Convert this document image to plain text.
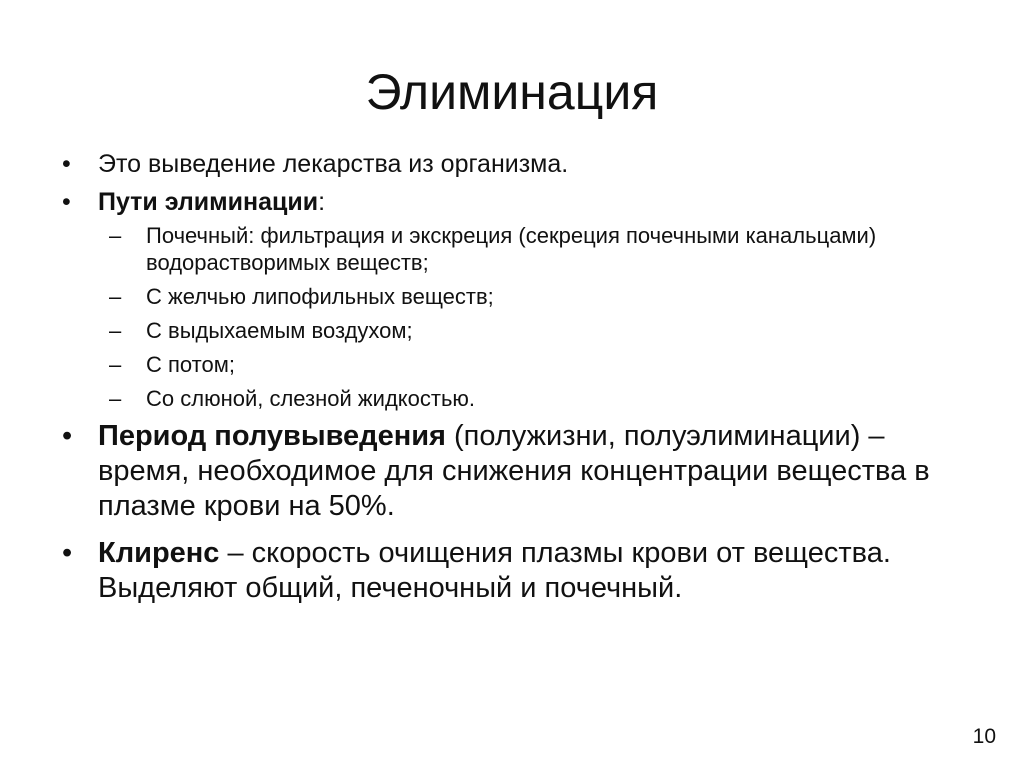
Элиминация
• Это выведение лекарства из организма.
• Пути элиминации:
– Почечный: фильтрация и экскреция (секреция почечными канальцами) водорастворимых веществ;
– С желчью липофильных веществ;
– С выдыхаемым воздухом;
– С потом;
– Со слюной, слезной жидкостью.
• Период полувыведения (полужизни, полуэлиминации) – время, необходимое для снижения концентрации вещества в плазме крови на 50%.
• Клиренс – скорость очищения плазмы крови от вещества. Выделяют общий, печеночный и почечный.
10
